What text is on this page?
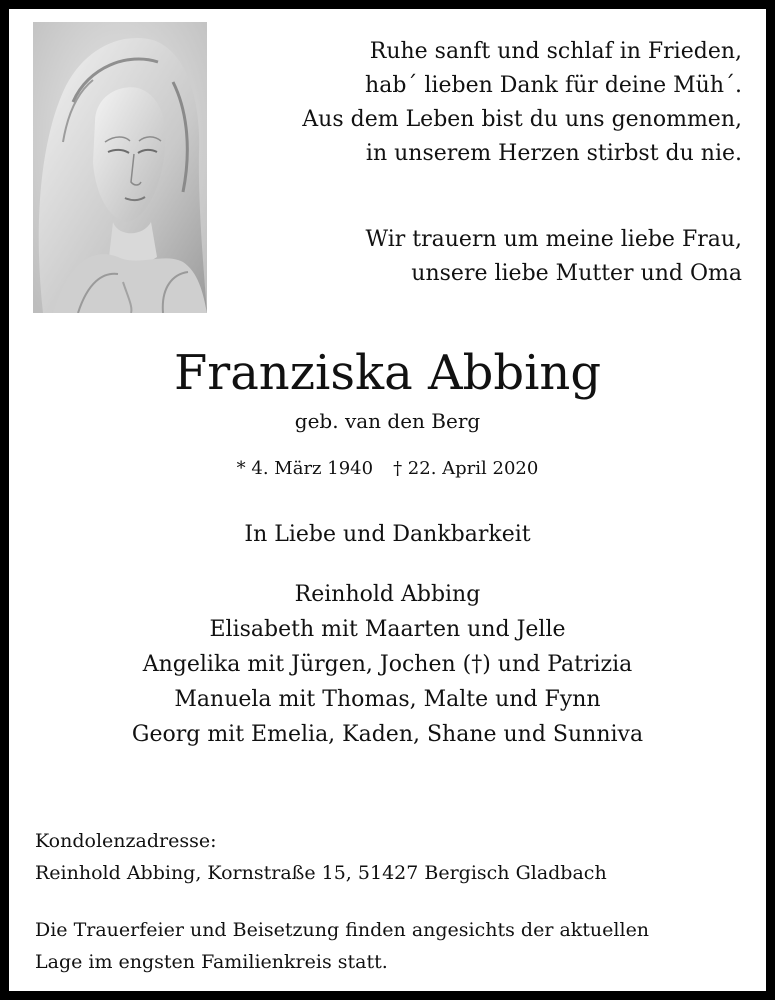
Ruhe sanft und schlaf in Frieden,
hab´ lieben Dank für deine Müh´.
Aus dem Leben bist du uns genommen,
in unserem Herzen stirbst du nie.
Wir trauern um meine liebe Frau,
unsere liebe Mutter und Oma
Franziska Abbing
geb. van den Berg
* 4. März 1940 † 22. April 2020
In Liebe und Dankbarkeit
Reinhold Abbing
Elisabeth mit Maarten und Jelle
Angelika mit Jürgen, Jochen (†) und Patrizia
Manuela mit Thomas, Malte und Fynn
Georg mit Emelia, Kaden, Shane und Sunniva
Kondolenzadresse:
Reinhold Abbing, Kornstraße 15, 51427 Bergisch Gladbach
Die Trauerfeier und Beisetzung finden angesichts der aktuellen
Lage im engsten Familienkreis statt.
